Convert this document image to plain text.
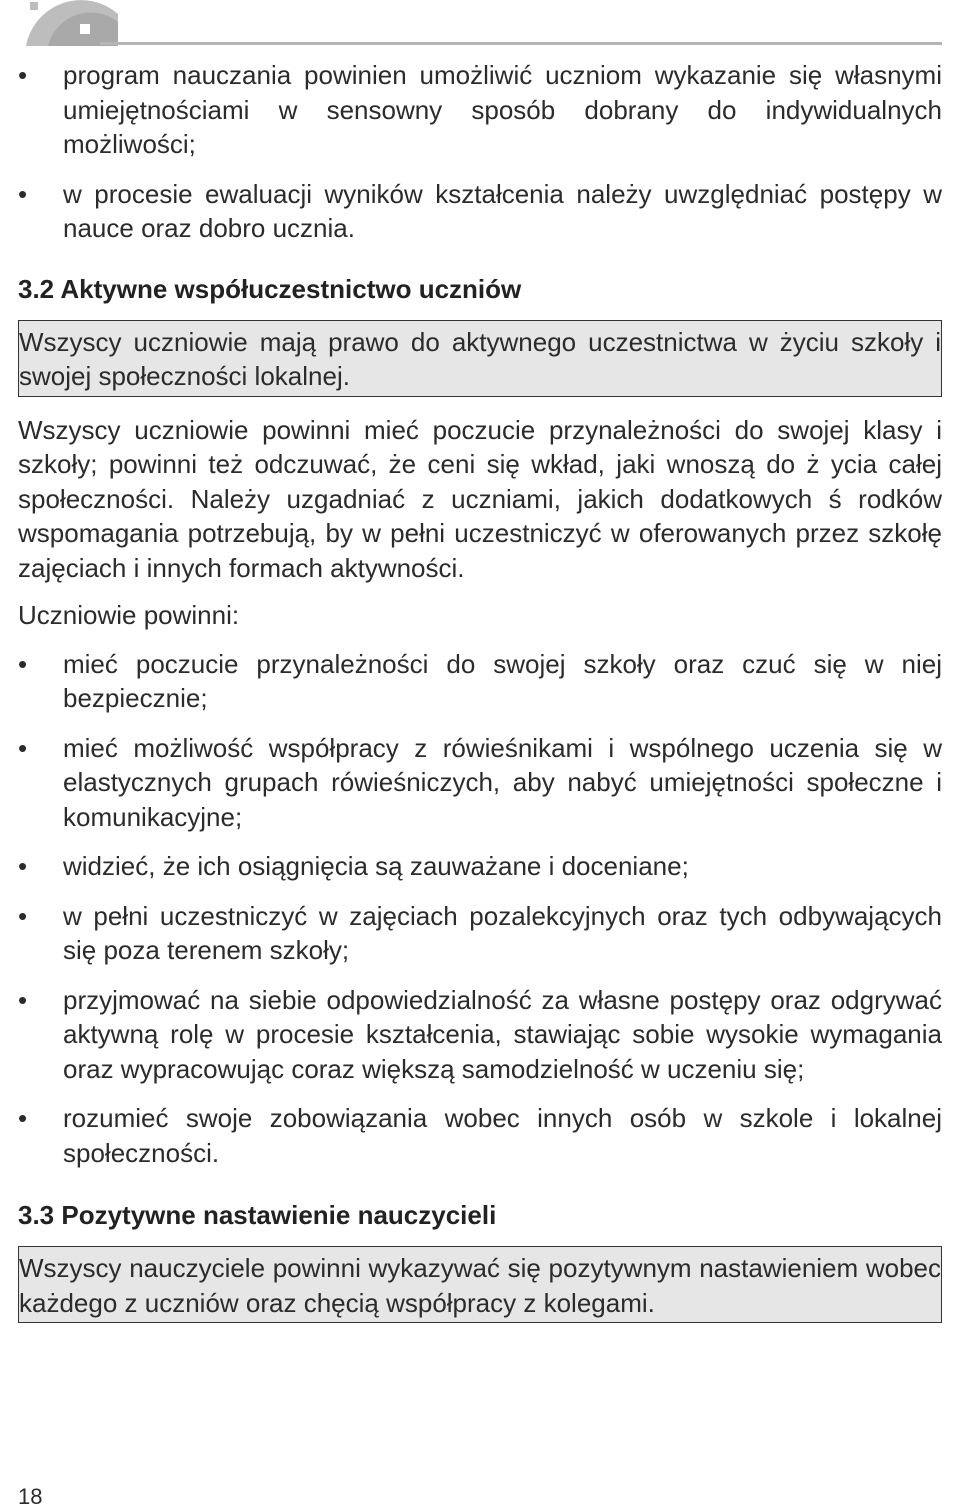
• program nauczania powinien umożliwić uczniom wykazanie się własnymi umiejętnościami w sensowny sposób dobrany do indywidualnych możliwości;
• w procesie ewaluacji wyników kształcenia należy uwzględniać postępy w nauce oraz dobro ucznia.
3.2 Aktywne współuczestnictwo uczniów
Wszyscy uczniowie mają prawo do aktywnego uczestnictwa w życiu szkoły i swojej społeczności lokalnej.

Wszyscy uczniowie powinni mieć poczucie przynależności do swojej klasy i szkoły; powinni też odczuwać, że ceni się wkład, jaki wnoszą do ż ycia całej społeczności. Należy uzgadniać z uczniami, jakich dodatkowych ś rodków wspomagania potrzebują, by w pełni uczestniczyć w oferowanych przez szkołę zajęciach i innych formach aktywności.

Uczniowie powinni:

• mieć poczucie przynależności do swojej szkoły oraz czuć się w niej bezpiecznie;
• mieć możliwość współpracy z rówieśnikami i wspólnego uczenia się w elastycznych grupach rówieśniczych, aby nabyć umiejętności społeczne i komunikacyjne;
• widzieć, że ich osiągnięcia są zauważane i doceniane;
• w pełni uczestniczyć w zajęciach pozalekcyjnych oraz tych odbywających się poza terenem szkoły;
• przyjmować na siebie odpowiedzialność za własne postępy oraz odgrywać aktywną rolę w procesie kształcenia, stawiając sobie wysokie wymagania oraz wypracowując coraz większą samodzielność w uczeniu się;
• rozumieć swoje zobowiązania wobec innych osób w szkole i lokalnej społeczności.
3.3 Pozytywne nastawienie nauczycieli
Wszyscy nauczyciele powinni wykazywać się pozytywnym nastawieniem wobec każdego z uczniów oraz chęcią współpracy z kolegami.
18
